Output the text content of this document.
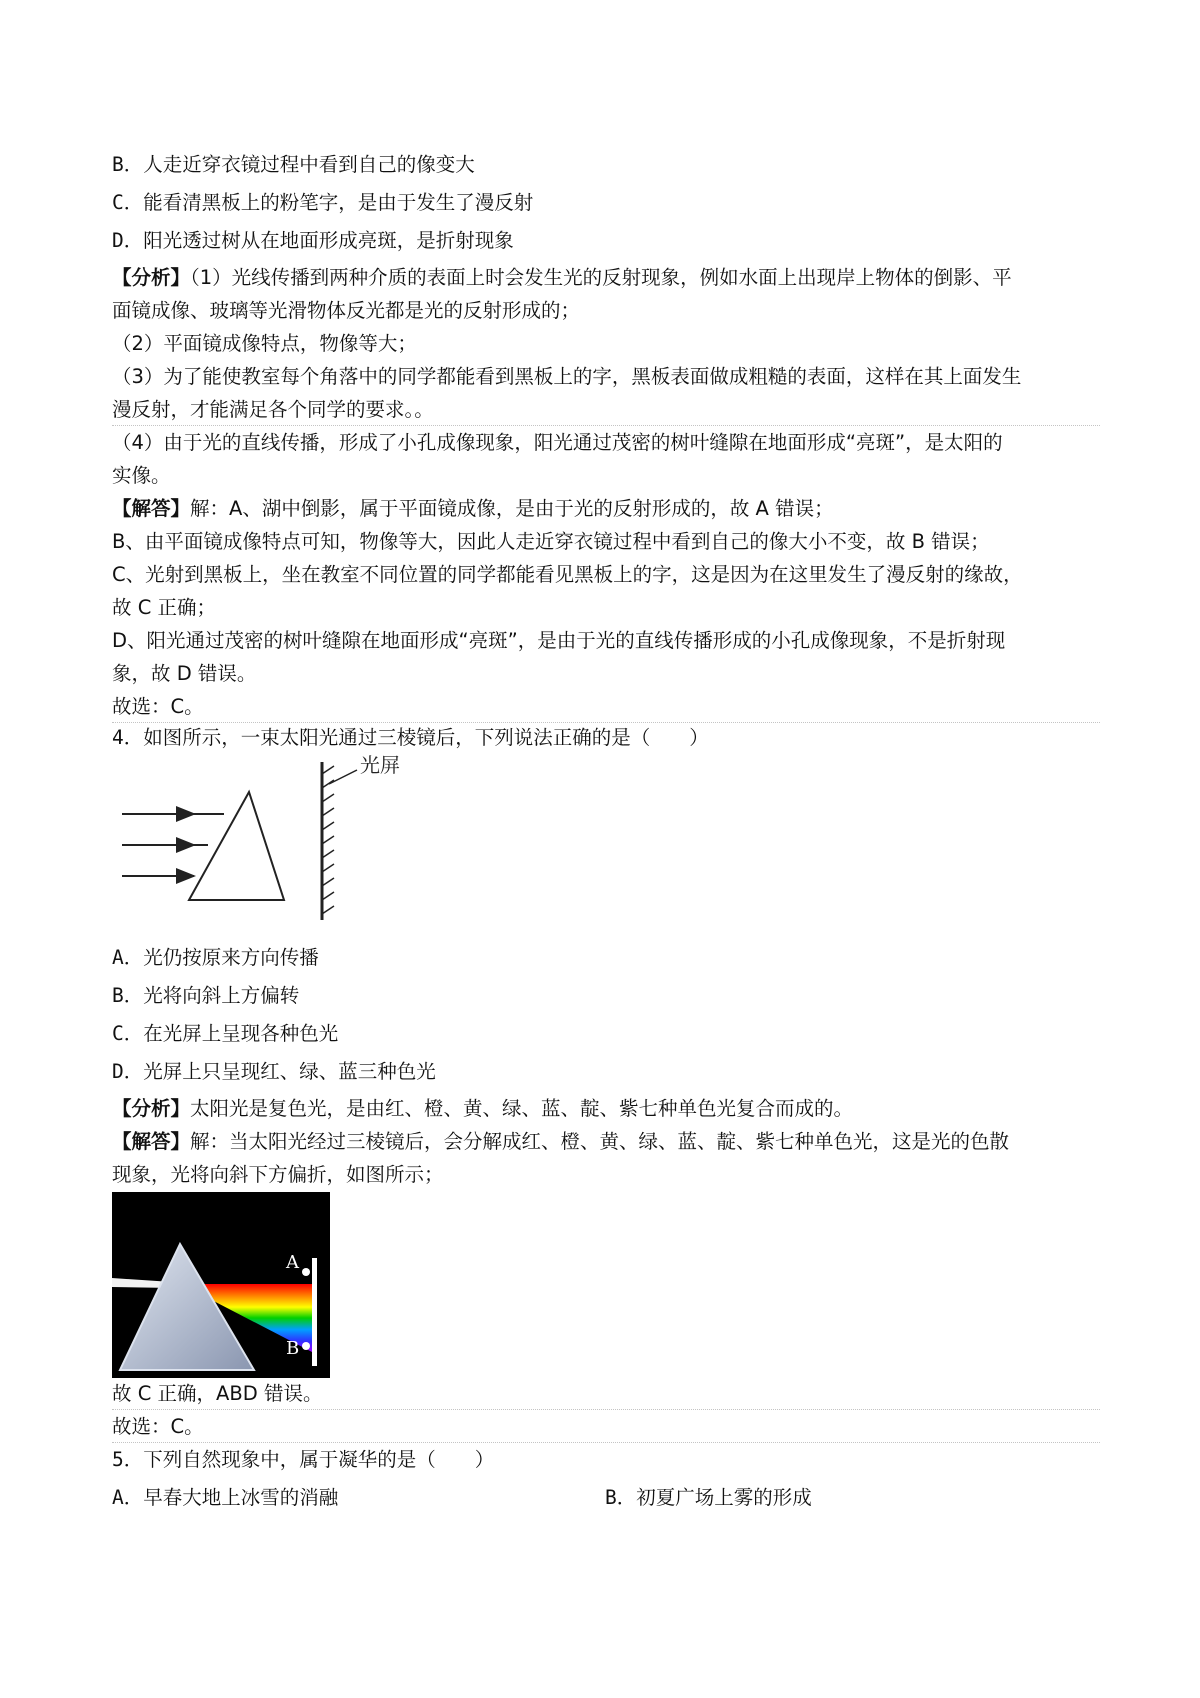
B．人走近穿衣镜过程中看到自己的像变大
C．能看清黑板上的粉笔字，是由于发生了漫反射
D．阳光透过树从在地面形成亮斑，是折射现象
【分析】（1）光线传播到两种介质的表面上时会发生光的反射现象，例如水面上出现岸上物体的倒影、平
面镜成像、玻璃等光滑物体反光都是光的反射形成的；
（2）平面镜成像特点，物像等大；
（3）为了能使教室每个角落中的同学都能看到黑板上的字，黑板表面做成粗糙的表面，这样在其上面发生
漫反射，才能满足各个同学的要求。。
（4）由于光的直线传播，形成了小孔成像现象，阳光通过茂密的树叶缝隙在地面形成“亮斑”，是太阳的
实像。
【解答】解：A、湖中倒影，属于平面镜成像，是由于光的反射形成的，故 A 错误；
B、由平面镜成像特点可知，物像等大，因此人走近穿衣镜过程中看到自己的像大小不变，故 B 错误；
C、光射到黑板上，坐在教室不同位置的同学都能看见黑板上的字，这是因为在这里发生了漫反射的缘故，
故 C 正确；
D、阳光通过茂密的树叶缝隙在地面形成“亮斑”，是由于光的直线传播形成的小孔成像现象，不是折射现
象，故 D 错误。
故选：C。
4．如图所示，一束太阳光通过三棱镜后，下列说法正确的是（　　）
光屏
A．光仍按原来方向传播
B．光将向斜上方偏转
C．在光屏上呈现各种色光
D．光屏上只呈现红、绿、蓝三种色光
【分析】太阳光是复色光，是由红、橙、黄、绿、蓝、靛、紫七种单色光复合而成的。
【解答】解：当太阳光经过三棱镜后，会分解成红、橙、黄、绿、蓝、靛、紫七种单色光，这是光的色散
现象，光将向斜下方偏折，如图所示；
A
B
故 C 正确，ABD 错误。
故选：C。
5．下列自然现象中，属于凝华的是（　　）
A．早春大地上冰雪的消融	B．初夏广场上雾的形成
